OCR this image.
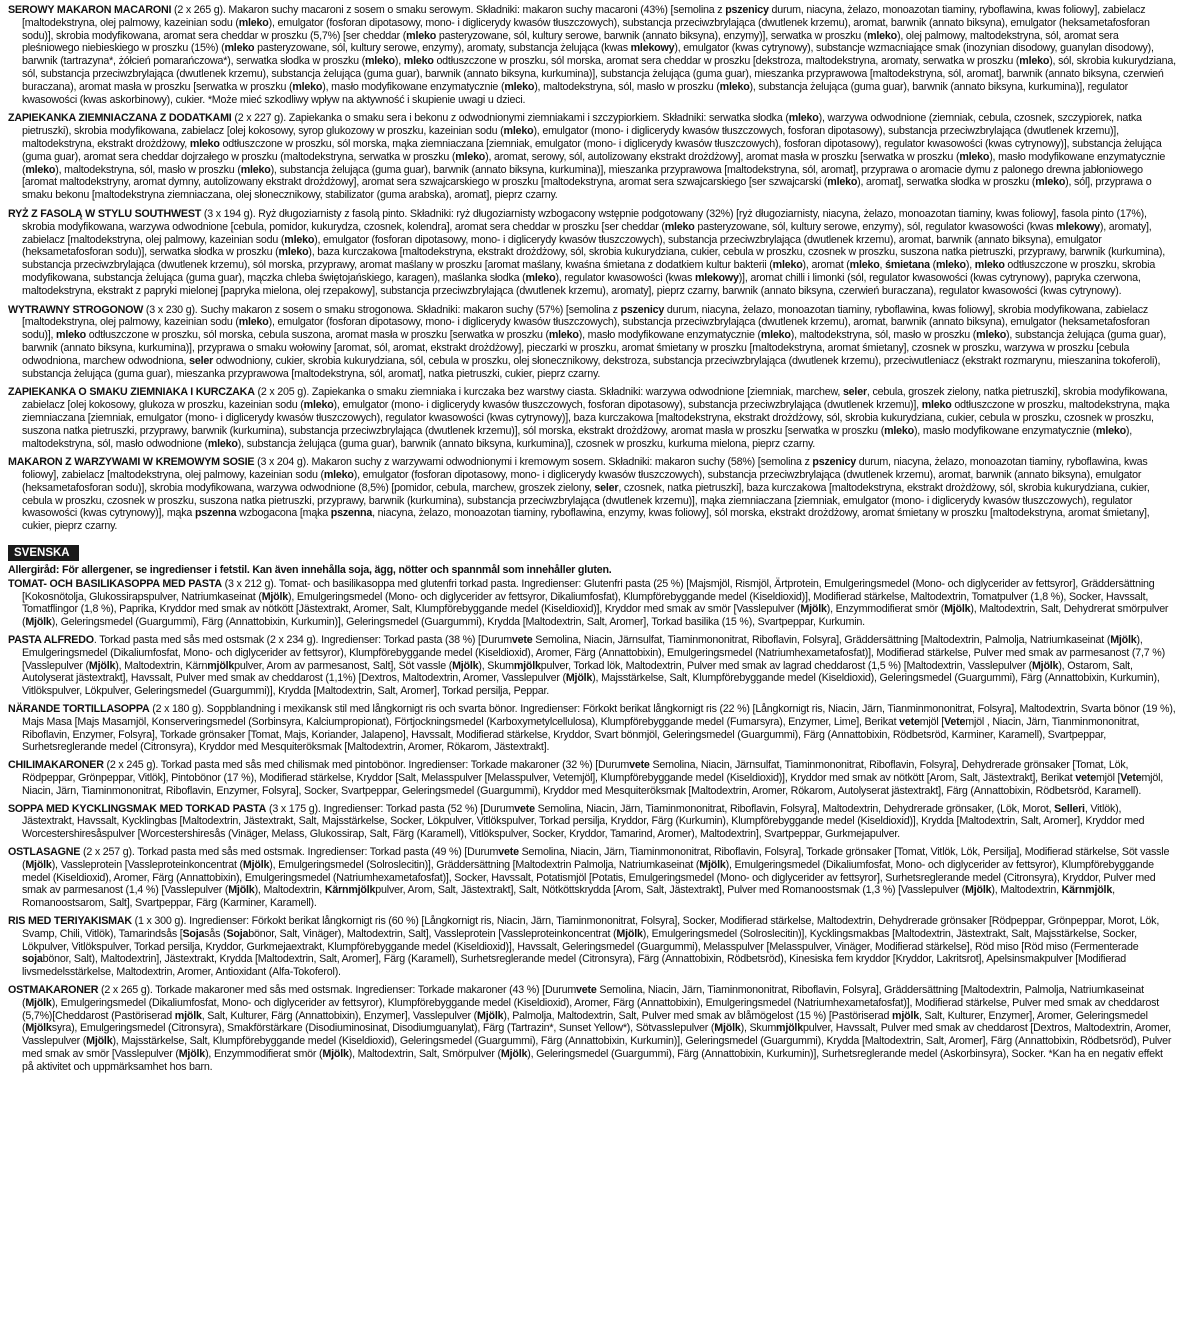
SEROWY MAKARON MACARONI (2 x 265 g). Makaron suchy macaroni z sosem o smaku serowym. Składniki: makaron suchy macaroni (43%) [semolina z pszenicy durum, niacyna, żelazo, monoazotan tiaminy, ryboflawina, kwas foliowy], zabielacz [maltodekstryna, olej palmowy, kazeinian sodu (mleko), emulgator (fosforan dipotasowy, mono- i diglicerydy kwasów tłuszczowych), substancja przeciwzbrylająca (dwutlenek krzemu), aromat, barwnik (annato biksyna), emulgator (heksametafosforan sodu)], skrobia modyfikowana, aromat sera cheddar w proszku (5,7%) [ser cheddar (mleko pasteryzowane, sól, kultury serowe, barwnik (annato biksyna), enzymy)], serwatka w proszku (mleko), olej palmowy, maltodekstryna, sól, aromat sera pleśniowego niebieskiego w proszku (15%) (mleko pasteryzowane, sól, kultury serowe, enzymy), aromaty, substancja żelująca (kwas mlekowy), emulgator (kwas cytrynowy), substancje wzmacniające smak (inozynian disodowy, guanylan disodowy), barwnik (tartrazyna*, żółcień pomarańczowa*), serwatka słodka w proszku (mleko), mleko odtłuszczone w proszku, sól morska, aromat sera cheddar w proszku [dekstroza, maltodekstryna, aromaty, serwatka w proszku (mleko), sól, skrobia kukurydziana, sól, substancja przeciwzbrylająca (dwutlenek krzemu), substancja żelująca (guma guar), barwnik (annato biksyna, kurkumina)], substancja żelująca (guma guar), mieszanka przyprawowa [maltodekstryna, sól, aromat], barwnik (annato biksyna, czerwień buraczana), aromat masła w proszku [serwatka w proszku (mleko), masło modyfikowane enzymatycznie (mleko), maltodekstryna, sól, masło w proszku (mleko), substancja żelująca (guma guar), barwnik (annato biksyna, kurkumina)], regulator kwasowości (kwas askorbinowy), cukier. *Może mieć szkodliwy wpływ na aktywność i skupienie uwagi u dzieci.

ZAPIEKANKA ZIEMNIACZANA Z DODATKAMI (2 x 227 g). Zapiekanka o smaku sera i bekonu z odwodnionymi ziemniakami i szczypiorkiem. Składniki: serwatka słodka (mleko), warzywa odwodnione (ziemniak, cebula, czosnek, szczypiorek, natka pietruszki), skrobia modyfikowana, zabielacz [olej kokosowy, syrop glukozowy w proszku, kazeinian sodu (mleko), emulgator (mono- i diglicerydy kwasów tłuszczowych, fosforan dipotasowy), substancja przeciwzbrylająca (dwutlenek krzemu)], maltodekstryna, ekstrakt drożdżowy, mleko odtłuszczone w proszku, sól morska, mąka ziemniaczana [ziemniak, emulgator (mono- i diglicerydy kwasów tłuszczowych), fosforan dipotasowy), regulator kwasowości (kwas cytrynowy)], substancja żelująca (guma guar), aromat sera cheddar dojrzałego w proszku (maltodekstryna, serwatka w proszku (mleko), aromat, serowy, sól, autolizowany ekstrakt drożdżowy], aromat masła w proszku [serwatka w proszku (mleko), masło modyfikowane enzymatycznie (mleko), maltodekstryna, sól, masło w proszku (mleko), substancja żelująca (guma guar), barwnik (annato biksyna, kurkumina)], mieszanka przyprawowa [maltodekstryna, sól, aromat], przyprawa o aromacie dymu z palonego drewna jabłoniowego [aromat maltodekstryny, aromat dymny, autolizowany ekstrakt drożdżowy], aromat sera szwajcarskiego w proszku [maltodekstryna, aromat sera szwajcarskiego [ser szwajcarski (mleko), aromat], serwatka słodka w proszku (mleko), sól], przyprawa o smaku bekonu [maltodekstryna ziemniaczana, olej słonecznikowy, stabilizator (guma arabska), aromat], pieprz czarny.

RYŻ Z FASOLĄ W STYLU SOUTHWEST (3 x 194 g). Ryż długoziarnisty z fasolą pinto. Składniki: ryż długoziarnisty wzbogacony wstępnie podgotowany (32%) [ryż długoziarnisty, niacyna, żelazo, monoazotan tiaminy, kwas foliowy], fasola pinto (17%), skrobia modyfikowana, warzywa odwodnione [cebula, pomidor, kukurydza, czosnek, kolendra], aromat sera cheddar w proszku [ser cheddar (mleko pasteryzowane, sól, kultury serowe, enzymy), sól, regulator kwasowości (kwas mlekowy), aromaty], zabielacz [maltodekstryna, olej palmowy, kazeinian sodu (mleko), emulgator (fosforan dipotasowy, mono- i diglicerydy kwasów tłuszczowych), substancja przeciwzbrylająca (dwutlenek krzemu), aromat, barwnik (annato biksyna), emulgator (heksametafosforan sodu)], serwatka słodka w proszku (mleko), baza kurczakowa [maltodekstryna, ekstrakt drożdżowy, sól, skrobia kukurydziana, cukier, cebula w proszku, czosnek w proszku, suszona natka pietruszki, przyprawy, barwnik (kurkumina), substancja przeciwzbrylająca (dwutlenek krzemu), sól morska, przyprawy, aromat maślany w proszku [aromat maślany, kwaśna śmietana z dodatkiem kultur bakterii (mleko), aromat (mleko, śmietana (mleko), mleko odtłuszczone w proszku, skrobia modyfikowana, substancja żelująca (guma guar), mączka chleba świętojańskiego, karagen), maślanka słodka (mleko), regulator kwasowości (kwas mlekowy)], aromat chilli i limonki (sól, regulator kwasowości (kwas cytrynowy), papryka czerwona, maltodekstryna, ekstrakt z papryki mielonej [papryka mielona, olej rzepakowy], substancja przeciwzbrylająca (dwutlenek krzemu), aromaty], pieprz czarny, barwnik (annato biksyna, czerwień buraczana), regulator kwasowości (kwas cytrynowy).

WYTRAWNY STROGONOW (3 x 230 g). Suchy makaron z sosem o smaku strogonowa. Składniki: makaron suchy (57%) [semolina z pszenicy durum, niacyna, żelazo, monoazotan tiaminy, ryboflawina, kwas foliowy], skrobia modyfikowana, zabielacz [maltodekstryna, olej palmowy, kazeinian sodu (mleko), emulgator (fosforan dipotasowy, mono- i diglicerydy kwasów tłuszczowych), substancja przeciwzbrylająca (dwutlenek krzemu), aromat, barwnik (annato biksyna), emulgator (heksametafosforan sodu)], mleko odtłuszczone w proszku, sól morska, cebula suszona, aromat masła w proszku [serwatka w proszku (mleko), masło modyfikowane enzymatycznie (mleko), maltodekstryna, sól, masło w proszku (mleko), substancja żelująca (guma guar), barwnik (annato biksyna, kurkumina)], przyprawa o smaku wołowiny [aromat, sól, aromat, ekstrakt drożdżowy], pieczarki w proszku, aromat śmietany w proszku [maltodekstryna, aromat śmietany], czosnek w proszku, warzywa w proszku [cebula odwodniona, marchew odwodniona, seler odwodniony, cukier, skrobia kukurydziana, sól, cebula w proszku, olej słonecznikowy, dekstroza, substancja przeciwzbrylająca (dwutlenek krzemu), przeciwutleniacz (ekstrakt rozmarynu, mieszanina tokoferoli), substancja żelująca (guma guar), mieszanka przyprawowa [maltodekstryna, sól, aromat], natka pietruszki, cukier, pieprz czarny.

ZAPIEKANKA O SMAKU ZIEMNIAKA I KURCZAKA (2 x 205 g). Zapiekanka o smaku ziemniaka i kurczaka bez warstwy ciasta. Składniki: warzywa odwodnione [ziemniak, marchew, seler, cebula, groszek zielony, natka pietruszki], skrobia modyfikowana, zabielacz [olej kokosowy, glukoza w proszku, kazeinian sodu (mleko), emulgator (mono- i diglicerydy kwasów tłuszczowych, fosforan dipotasowy), substancja przeciwzbrylająca (dwutlenek krzemu)], mleko odtłuszczone w proszku, maltodekstryna, mąka ziemniaczana [ziemniak, emulgator (mono- i diglicerydy kwasów tłuszczowych), regulator kwasowości (kwas cytrynowy)], baza kurczakowa [maltodekstryna, ekstrakt drożdżowy, sól, skrobia kukurydziana, cukier, cebula w proszku, czosnek w proszku, suszona natka pietruszki, przyprawy, barwnik (kurkumina), substancja przeciwzbrylająca (dwutlenek krzemu)], sól morska, ekstrakt drożdżowy, aromat masła w proszku [serwatka w proszku (mleko), masło modyfikowane enzymatycznie (mleko), maltodekstryna, sól, masło odwodnione (mleko), substancja żelująca (guma guar), barwnik (annato biksyna, kurkumina)], czosnek w proszku, kurkuma mielona, pieprz czarny.

MAKARON Z WARZYWAMI W KREMOWYM SOSIE (3 x 204 g). Makaron suchy z warzywami odwodnionymi i kremowym sosem. Składniki: makaron suchy (58%) [semolina z pszenicy durum, niacyna, żelazo, monoazotan tiaminy, ryboflawina, kwas foliowy], zabielacz [maltodekstryna, olej palmowy, kazeinian sodu (mleko), emulgator (fosforan dipotasowy, mono- i diglicerydy kwasów tłuszczowych), substancja przeciwzbrylająca (dwutlenek krzemu), aromat, barwnik (annato biksyna), emulgator (heksametafosforan sodu)], skrobia modyfikowana, warzywa odwodnione (8,5%) [pomidor, cebula, marchew, groszek zielony, seler, czosnek, natka pietruszki], baza kurczakowa [maltodekstryna, ekstrakt drożdżowy, sól, skrobia kukurydziana, cukier, cebula w proszku, czosnek w proszku, suszona natka pietruszki, przyprawy, barwnik (kurkumina), substancja przeciwzbrylająca (dwutlenek krzemu)], mąka ziemniaczana [ziemniak, emulgator (mono- i diglicerydy kwasów tłuszczowych), regulator kwasowości (kwas cytrynowy)], mąka pszenna wzbogacona [mąka pszenna, niacyna, żelazo, monoazotan tiaminy, ryboflawina, enzymy, kwas foliowy], sól morska, ekstrakt drożdżowy, aromat śmietany w proszku [maltodekstryna, aromat śmietany], cukier, pieprz czarny.

SVENSKA
Allergiråd: För allergener, se ingredienser i fetstil. Kan även innehålla soja, ägg, nötter och spannmål som innehåller gluten.

TOMAT- OCH BASILIKASOPPA MED PASTA (3 x 212 g). Tomat- och basilikasoppa med glutenfri torkad pasta. Ingredienser: Glutenfri pasta (25 %) [Majsmjöl, Rismjöl, Ärtprotein, Emulgeringsmedel (Mono- och diglycerider av fettsyror], Gräddersättning [Kokosnötolja, Glukossirapspulver, Natriumkaseinat (Mjölk), Emulgeringsmedel (Mono- och diglycerider av fettsyror, Dikaliumfosfat), Klumpförebyggande medel (Kiseldioxid)], Modifierad stärkelse, Maltodextrin, Tomatpulver (1,8 %), Socker, Havssalt, Tomatflingor (1,8 %), Paprika, Kryddor med smak av nötkött [Jästextrakt, Aromer, Salt, Klumpförebyggande medel (Kiseldioxid)], Kryddor med smak av smör [Vasslepulver (Mjölk), Enzymmodifierat smör (Mjölk), Maltodextrin, Salt, Dehydrerat smörpulver (Mjölk), Geleringsmedel (Guargummi), Färg (Annattobixin, Kurkumin)], Geleringsmedel (Guargummi), Krydda [Maltodextrin, Salt, Aromer], Torkad basilika (15 %), Svartpeppar, Kurkumin.

PASTA ALFREDO. Torkad pasta med sås med ostsmak (2 x 234 g). Ingredienser: Torkad pasta (38 %) [Durumvete Semolina, Niacin, Järnsulfat, Tiaminmononitrat, Riboflavin, Folsyra], Gräddersättning [Maltodextrin, Palmolja, Natriumkaseinat (Mjölk), Emulgeringsmedel (Dikaliumfosfat, Mono- och diglycerider av fettsyror), Klumpförebyggande medel (Kiseldioxid), Aromer, Färg (Annattobixin), Emulgeringsmedel (Natriumhexametafosfat)], Modifierad stärkelse, Pulver med smak av parmesanost (7,7 %) [Vasslepulver (Mjölk), Maltodextrin, Kärnmjölkpulver, Arom av parmesanost, Salt], Söt vassle (Mjölk), Skummjölkpulver, Torkad lök, Maltodextrin, Pulver med smak av lagrad cheddarost (1,5 %) [Maltodextrin, Vasslepulver (Mjölk), Ostarom, Salt, Autolyserat jästextrakt], Havssalt, Pulver med smak av cheddarost (1,1%) [Dextros, Maltodextrin, Aromer, Vasslepulver (Mjölk), Majsstärkelse, Salt, Klumpförebyggande medel (Kiseldioxid), Geleringsmedel (Guargummi), Färg (Annattobixin, Kurkumin), Vitlökspulver, Lökpulver, Geleringsmedel (Guargummi)], Krydda [Maltodextrin, Salt, Aromer], Torkad persilja, Peppar.

NÄRANDE TORTILLASOPPA (2 x 180 g). Soppblandning i mexikansk stil med långkornigt ris och svarta bönor. Ingredienser: Förkokt berikat långkornigt ris (22 %) [Långkornigt ris, Niacin, Järn, Tianminmononitrat, Folsyra], Maltodextrin, Svarta bönor (19 %), Majs Masa [Majs Masamjöl, Konserveringsmedel (Sorbinsyra, Kalciumpropionat), Förtjockningsmedel (Karboxymetylcellulosa), Klumpförebyggande medel (Fumarsyra), Enzymer, Lime], Berikat vetemjöl [Vetemjöl , Niacin, Järn, Tianminmononitrat, Riboflavin, Enzymer, Folsyra], Torkade grönsaker [Tomat, Majs, Koriander, Jalapeno], Havssalt, Modifierad stärkelse, Kryddor, Svart bönmjöl, Geleringsmedel (Guargummi), Färg (Annattobixin, Rödbetsröd, Karminer, Karamell), Svartpeppar, Surhetsreglerande medel (Citronsyra), Kryddor med Mesquiteröksmak [Maltodextrin, Aromer, Rökarom, Jästextrakt].

CHILIMAKARONER (2 x 245 g). Torkad pasta med sås med chilismak med pintobönor. Ingredienser: Torkade makaroner (32 %) [Durumvete Semolina, Niacin, Järnsulfat, Tiaminmononitrat, Riboflavin, Folsyra], Dehydrerade grönsaker [Tomat, Lök, Rödpeppar, Grönpeppar, Vitlök], Pintobönor (17 %), Modifierad stärkelse, Kryddor [Salt, Melasspulver [Melasspulver, Vetemjöl], Klumpförebyggande medel (Kiseldioxid)], Kryddor med smak av nötkött [Arom, Salt, Jästextrakt], Berikat vetemjöl [Vetemjöl, Niacin, Järn, Tiaminmononitrat, Riboflavin, Enzymer, Folsyra], Socker, Svartpeppar, Geleringsmedel (Guargummi), Kryddor med Mesquiteröksmak [Maltodextrin, Aromer, Rökarom, Autolyserat jästextrakt], Färg (Annattobixin, Rödbetsröd, Karamell).

SOPPA MED KYCKLINGSMAK MED TORKAD PASTA (3 x 175 g). Ingredienser: Torkad pasta (52 %) [Durumvete Semolina, Niacin, Järn, Tiaminmononitrat, Riboflavin, Folsyra], Maltodextrin, Dehydrerade grönsaker, (Lök, Morot, Selleri, Vitlök), Jästextrakt, Havssalt, Kycklingbas [Maltodextrin, Jästextrakt, Salt, Majsstärkelse, Socker, Lökpulver, Vitlökspulver, Torkad persilja, Kryddor, Färg (Kurkumin), Klumpförebyggande medel (Kiseldioxid)], Krydda [Maltodextrin, Salt, Aromer], Kryddor med Worcestershiresåspulver [Worcestershiresås (Vinäger, Melass, Glukossirap, Salt, Färg (Karamell), Vitlökspulver, Socker, Kryddor, Tamarind, Aromer), Maltodextrin], Svartpeppar, Gurkmejapulver.

OSTLASAGNE (2 x 257 g). Torkad pasta med sås med ostsmak. Ingredienser: Torkad pasta (49 %) [Durumvete Semolina, Niacin, Järn, Tiaminmononitrat, Riboflavin, Folsyra], Torkade grönsaker [Tomat, Vitlök, Lök, Persilja], Modifierad stärkelse, Söt vassle (Mjölk), Vassleprotein [Vassleproteinkoncentrat (Mjölk), Emulgeringsmedel (Solroslecitin)], Gräddersättning [Maltodextrin Palmolja, Natriumkaseinat (Mjölk), Emulgeringsmedel (Dikaliumfosfat, Mono- och diglycerider av fettsyror), Klumpförebyggande medel (Kiseldioxid), Aromer, Färg (Annattobixin), Emulgeringsmedel (Natriumhexametafosfat)], Socker, Havssalt, Potatismjöl [Potatis, Emulgeringsmedel (Mono- och diglycerider av fettsyror], Surhetsreglerande medel (Citronsyra), Kryddor, Pulver med smak av parmesanost (1,4 %) [Vasslepulver (Mjölk), Maltodextrin, Kärnmjölkpulver, Arom, Salt, Jästextrakt], Salt, Nötköttskrydda [Arom, Salt, Jästextrakt], Pulver med Romanoostsmak (1,3 %) [Vasslepulver (Mjölk), Maltodextrin, Kärnmjölk, Romanoostsarom, Salt], Svartpeppar, Färg (Karminer, Karamell).

RIS MED TERIYAKISMAK (1 x 300 g). Ingredienser: Förkokt berikat långkornigt ris (60 %) [Långkornigt ris, Niacin, Järn, Tiaminmononitrat, Folsyra], Socker, Modifierad stärkelse, Maltodextrin, Dehydrerade grönsaker [Rödpeppar, Grönpeppar, Morot, Lök, Svamp, Chili, Vitlök), Tamarindsås [Sojasås (Sojabönor, Salt, Vinäger), Maltodextrin, Salt], Vassleprotein [Vassleproteinkoncentrat (Mjölk), Emulgeringsmedel (Solroslecitin)], Kycklingsmakbas [Maltodextrin, Jästextrakt, Salt, Majsstärkelse, Socker, Lökpulver, Vitlökspulver, Torkad persilja, Kryddor, Gurkmejaextrakt, Klumpförebyggande medel (Kiseldioxid)], Havssalt, Geleringsmedel (Guargummi), Melasspulver [Melasspulver, Vinäger, Modifierad stärkelse], Röd miso [Röd miso (Fermenterade sojabönor, Salt), Maltodextrin], Jästextrakt, Krydda [Maltodextrin, Salt, Aromer], Färg (Karamell), Surhetsreglerande medel (Citronsyra), Färg (Annattobixin, Rödbetsröd), Kinesiska fem kryddor [Kryddor, Lakritsrot], Apelsinsmakpulver [Modifierad livsmedelsstärkelse, Maltodextrin, Aromer, Antioxidant (Alfa-Tokoferol).

OSTMAKARONER (2 x 265 g). Torkade makaroner med sås med ostsmak. Ingredienser: Torkade makaroner (43 %) [Durumvete Semolina, Niacin, Järn, Tiaminmononitrat, Riboflavin, Folsyra], Gräddersättning [Maltodextrin, Palmolja, Natriumkaseinat (Mjölk), Emulgeringsmedel (Dikaliumfosfat, Mono- och diglycerider av fettsyror), Klumpförebyggande medel (Kiseldioxid), Aromer, Färg (Annattobixin), Emulgeringsmedel (Natriumhexametafosfat)], Modifierad stärkelse, Pulver med smak av cheddarost (5,7%)[Cheddarost (Pastöriserad mjölk, Salt, Kulturer, Färg (Annattobixin), Enzymer], Vasslepulver (Mjölk), Palmolja, Maltodextrin, Salt, Pulver med smak av blåmögelost (15 %) [Pastöriserad mjölk, Salt, Kulturer, Enzymer], Aromer, Geleringsmedel (Mjölksyra), Emulgeringsmedel (Citronsyra), Smakförstärkare (Disodiuminosinat, Disodiumguanylat), Färg (Tartrazin*, Sunset Yellow*), Sötvasslepulver (Mjölk), Skummjölkpulver, Havssalt, Pulver med smak av cheddarost [Dextros, Maltodextrin, Aromer, Vasslepulver (Mjölk), Majsstärkelse, Salt, Klumpförebyggande medel (Kiseldioxid), Geleringsmedel (Guargummi), Färg (Annattobixin, Kurkumin)], Geleringsmedel (Guargummi), Krydda [Maltodextrin, Salt, Aromer], Färg (Annattobixin, Rödbetsröd), Pulver med smak av smör [Vasslepulver (Mjölk), Enzymmodifierat smör (Mjölk), Maltodextrin, Salt, Smörpulver (Mjölk), Geleringsmedel (Guargummi), Färg (Annattobixin, Kurkumin)], Surhetsreglerande medel (Askorbinsyra), Socker. *Kan ha en negativ effekt på aktivitet och uppmärksamhet hos barn.
